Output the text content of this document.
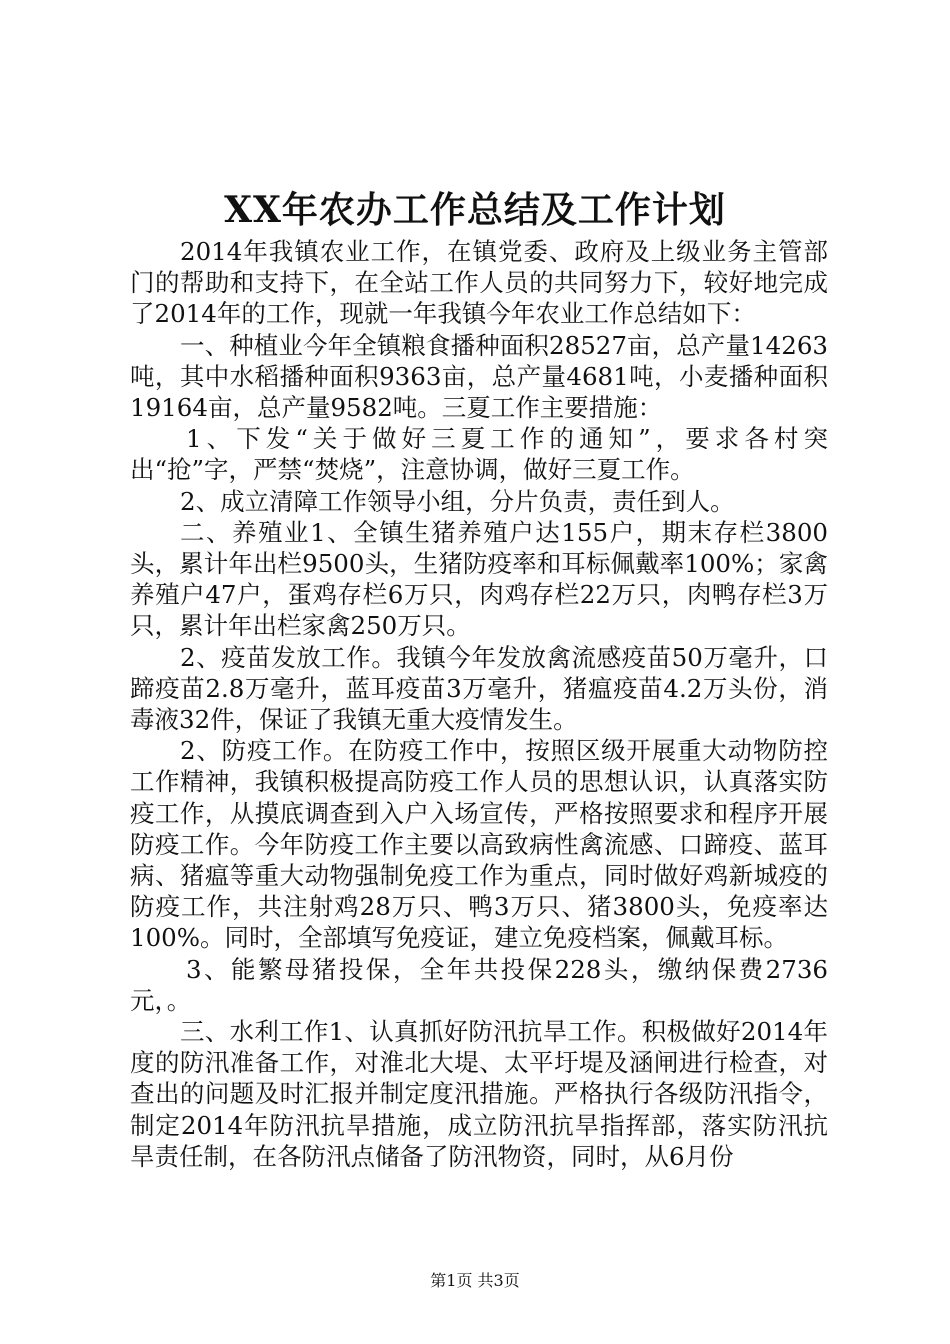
XX年农办工作总结及工作计划

2014年我镇农业工作，在镇党委、政府及上级业务主管部门的帮助和支持下，在全站工作人员的共同努力下，较好地完成了2014年的工作，现就一年我镇今年农业工作总结如下：

一、种植业今年全镇粮食播种面积28527亩，总产量14263吨，其中水稻播种面积9363亩，总产量4681吨，小麦播种面积19164亩，总产量9582吨。三夏工作主要措施：

1、下发“关于做好三夏工作的通知”，要求各村突出“抢”字，严禁“焚烧”，注意协调，做好三夏工作。

2、成立清障工作领导小组，分片负责，责任到人。

二、养殖业1、全镇生猪养殖户达155户，期末存栏3800头，累计年出栏9500头，生猪防疫率和耳标佩戴率100%；家禽养殖户47户，蛋鸡存栏6万只，肉鸡存栏22万只，肉鸭存栏3万只，累计年出栏家禽250万只。

2、疫苗发放工作。我镇今年发放禽流感疫苗50万毫升，口蹄疫苗2.8万毫升，蓝耳疫苗3万毫升，猪瘟疫苗4.2万头份，消毒液32件，保证了我镇无重大疫情发生。

2、防疫工作。在防疫工作中，按照区级开展重大动物防控工作精神，我镇积极提高防疫工作人员的思想认识，认真落实防疫工作，从摸底调查到入户入场宣传，严格按照要求和程序开展防疫工作。今年防疫工作主要以高致病性禽流感、口蹄疫、蓝耳病、猪瘟等重大动物强制免疫工作为重点，同时做好鸡新城疫的防疫工作，共注射鸡28万只、鸭3万只、猪3800头，免疫率达100%。同时，全部填写免疫证，建立免疫档案，佩戴耳标。

3、能繁母猪投保，全年共投保228头，缴纳保费2736元，。

三、水利工作1、认真抓好防汛抗旱工作。积极做好2014年度的防汛准备工作，对淮北大堤、太平圩堤及涵闸进行检查，对查出的问题及时汇报并制定度汛措施。严格执行各级防汛指令，制定2014年防汛抗旱措施，成立防汛抗旱指挥部，落实防汛抗旱责任制，在各防汛点储备了防汛物资，同时，从6月份

第1页 共3页
